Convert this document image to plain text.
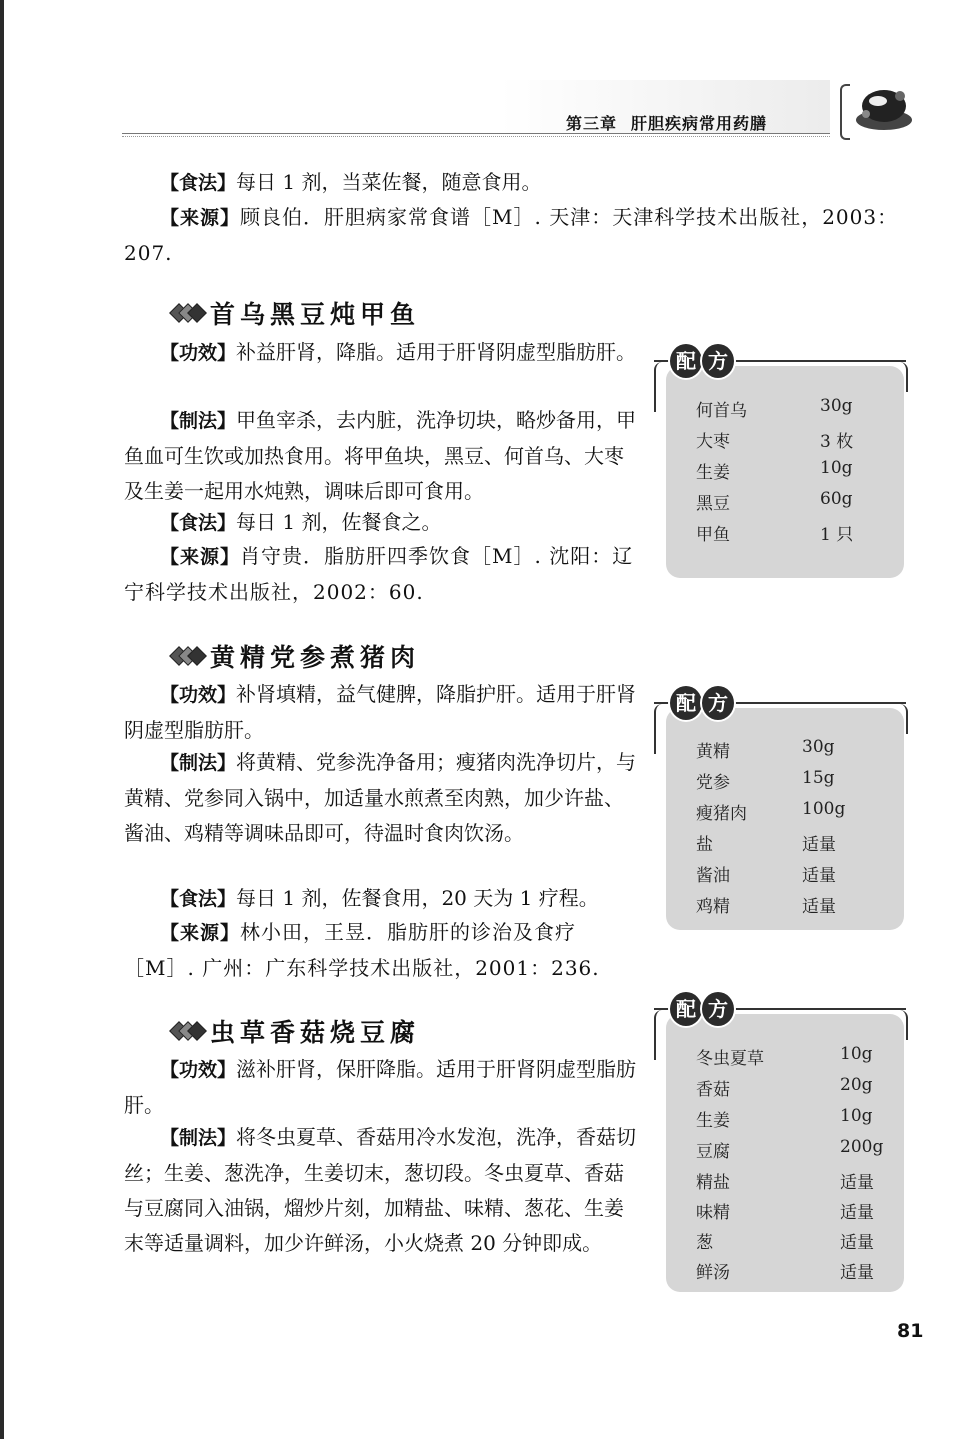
第三章 肝胆疾病常用药膳
【食法】每日 1 剂，当菜佐餐，随意食用。
【来源】顾良伯．肝胆病家常食谱［M］. 天津：天津科学技术出版社，2003：207.
首乌黑豆炖甲鱼
【功效】补益肝肾，降脂。适用于肝肾阴虚型脂肪肝。
【制法】甲鱼宰杀，去内脏，洗净切块，略炒备用，甲鱼血可生饮或加热食用。将甲鱼块，黑豆、何首乌、大枣及生姜一起用水炖熟，调味后即可食用。
【食法】每日 1 剂，佐餐食之。
【来源】肖守贵．脂肪肝四季饮食［M］. 沈阳：辽宁科学技术出版社，2002：60.
配 方
何首乌	30g
大枣	3 枚
生姜	10g
黑豆	60g
甲鱼	1 只
黄精党参煮猪肉
【功效】补肾填精，益气健脾，降脂护肝。适用于肝肾阴虚型脂肪肝。
【制法】将黄精、党参洗净备用；瘦猪肉洗净切片，与黄精、党参同入锅中，加适量水煎煮至肉熟，加少许盐、酱油、鸡精等调味品即可，待温时食肉饮汤。
【食法】每日 1 剂，佐餐食用，20 天为 1 疗程。
【来源】林小田，王昱．脂肪肝的诊治及食疗［M］. 广州：广东科学技术出版社，2001：236.
配 方
黄精	30g
党参	15g
瘦猪肉	100g
盐	适量
酱油	适量
鸡精	适量
虫草香菇烧豆腐
【功效】滋补肝肾，保肝降脂。适用于肝肾阴虚型脂肪肝。
【制法】将冬虫夏草、香菇用冷水发泡，洗净，香菇切丝；生姜、葱洗净，生姜切末，葱切段。冬虫夏草、香菇与豆腐同入油锅，熘炒片刻，加精盐、味精、葱花、生姜末等适量调料，加少许鲜汤，小火烧煮 20 分钟即成。
配 方
冬虫夏草	10g
香菇	20g
生姜	10g
豆腐	200g
精盐	适量
味精	适量
葱	适量
鲜汤	适量
81
